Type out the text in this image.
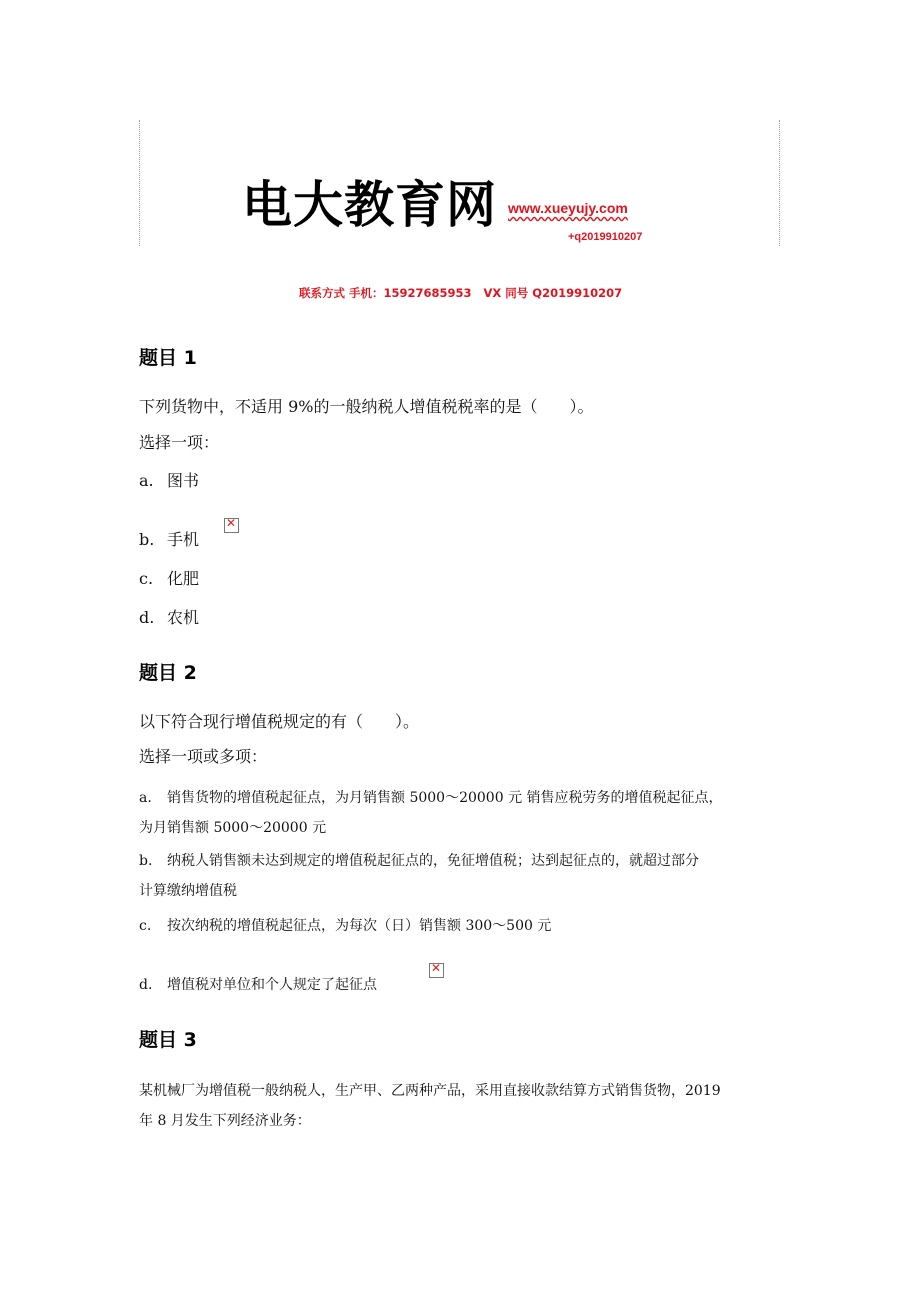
电大教育网 www.xueyujy.com
+q2019910207
联系方式 手机：15927685953   VX 同号 Q2019910207
题目 1
下列货物中，不适用 9%的一般纳税人增值税税率的是（　　）。
选择一项：
a. 图书
b. 手机
✕
c. 化肥
d. 农机
题目 2
以下符合现行增值税规定的有（　　）。
选择一项或多项：
a. 销售货物的增值税起征点，为月销售额 5000～20000 元 销售应税劳务的增值税起征点，
为月销售额 5000～20000 元
b. 纳税人销售额未达到规定的增值税起征点的，免征增值税；达到起征点的，就超过部分
计算缴纳增值税
c. 按次纳税的增值税起征点，为每次（日）销售额 300～500 元
d. 增值税对单位和个人规定了起征点
✕
题目 3
某机械厂为增值税一般纳税人，生产甲、乙两种产品，采用直接收款结算方式销售货物，2019
年 8 月发生下列经济业务：
